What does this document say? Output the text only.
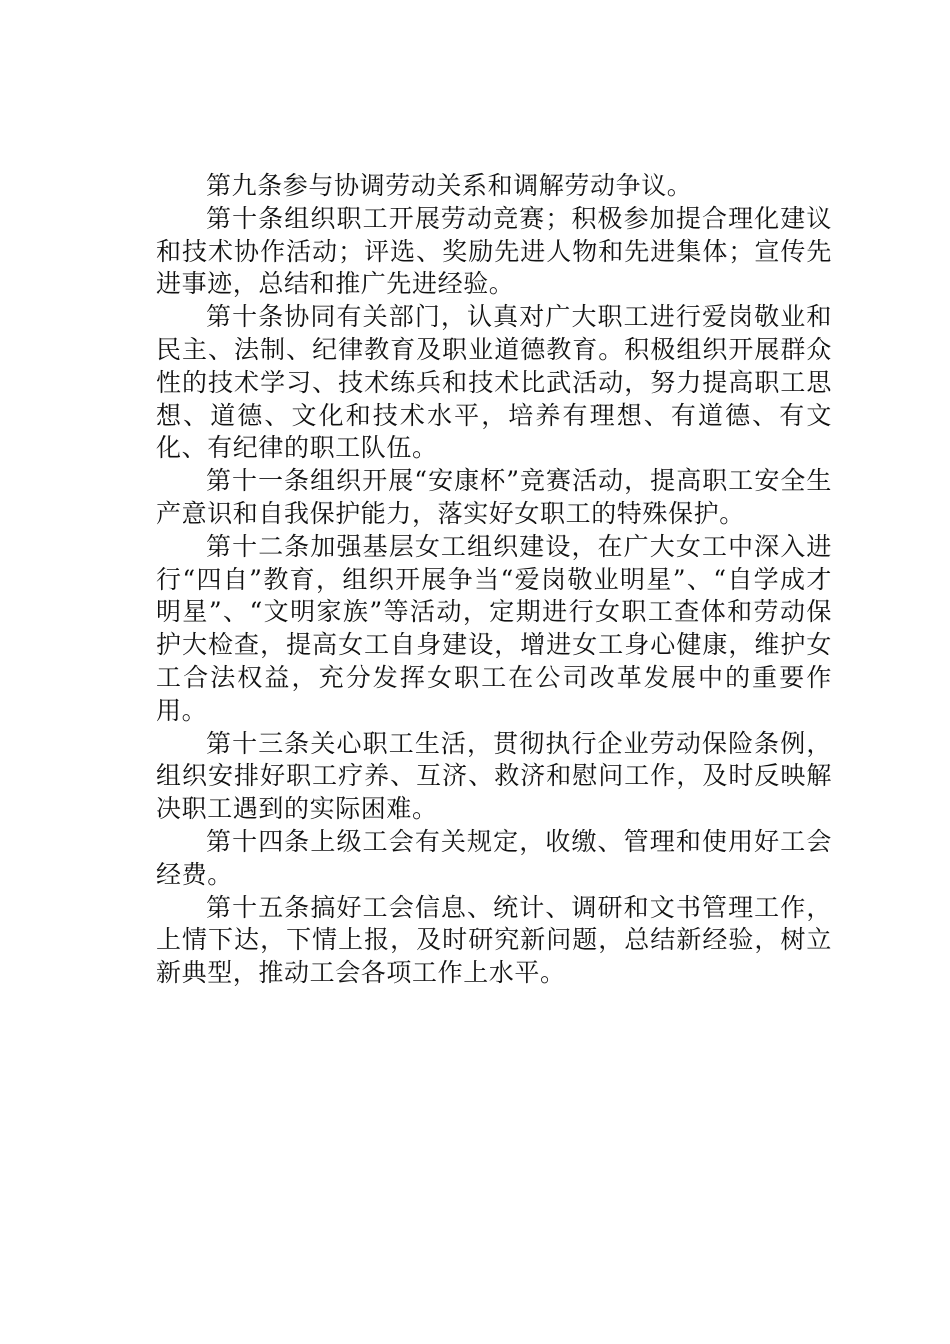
第九条参与协调劳动关系和调解劳动争议。

第十条组织职工开展劳动竞赛；积极参加提合理化建议和技术协作活动；评选、奖励先进人物和先进集体；宣传先进事迹，总结和推广先进经验。

第十条协同有关部门，认真对广大职工进行爱岗敬业和民主、法制、纪律教育及职业道德教育。积极组织开展群众性的技术学习、技术练兵和技术比武活动，努力提高职工思想、道德、文化和技术水平，培养有理想、有道德、有文化、有纪律的职工队伍。

第十一条组织开展“安康杯”竞赛活动，提高职工安全生产意识和自我保护能力，落实好女职工的特殊保护。

第十二条加强基层女工组织建设，在广大女工中深入进行“四自”教育，组织开展争当“爱岗敬业明星”、“自学成才明星”、“文明家族”等活动，定期进行女职工查体和劳动保护大检查，提高女工自身建设，增进女工身心健康，维护女工合法权益，充分发挥女职工在公司改革发展中的重要作用。

第十三条关心职工生活，贯彻执行企业劳动保险条例，组织安排好职工疗养、互济、救济和慰问工作，及时反映解决职工遇到的实际困难。

第十四条上级工会有关规定，收缴、管理和使用好工会经费。

第十五条搞好工会信息、统计、调研和文书管理工作，上情下达，下情上报，及时研究新问题，总结新经验，树立新典型，推动工会各项工作上水平。
